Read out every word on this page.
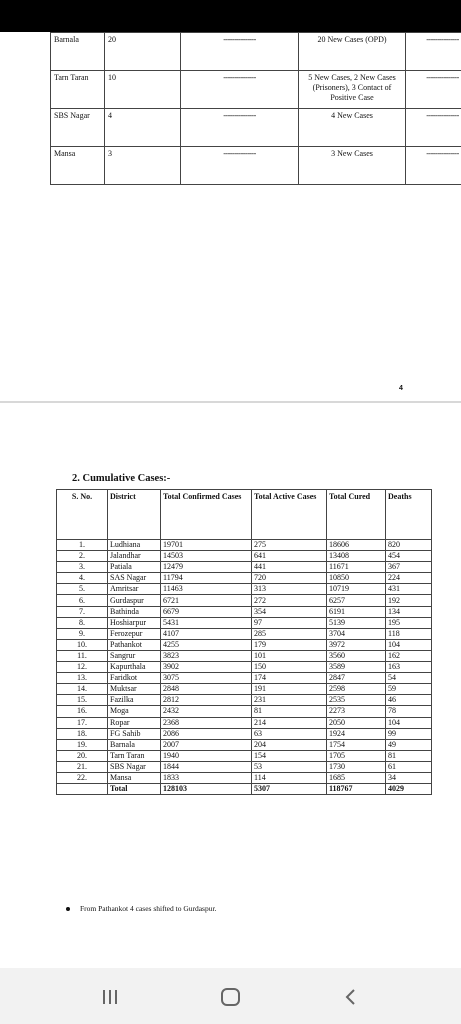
Barnala	20	---------------	20 New Cases (OPD)	---------------
Tarn Taran	10	---------------	5 New Cases, 2 New Cases (Prisoners), 3 Contact of Positive Case	---------------
SBS Nagar	4	---------------	4 New Cases	---------------
Mansa	3	---------------	3 New Cases	---------------
4
2. Cumulative Cases:-
S. No.	District	Total Confirmed Cases	Total Active Cases	Total Cured	Deaths
1.	Ludhiana	19701	275	18606	820
2.	Jalandhar	14503	641	13408	454
3.	Patiala	12479	441	11671	367
4.	SAS Nagar	11794	720	10850	224
5.	Amritsar	11463	313	10719	431
6.	Gurdaspur	6721	272	6257	192
7.	Bathinda	6679	354	6191	134
8.	Hoshiarpur	5431	97	5139	195
9.	Ferozepur	4107	285	3704	118
10.	Pathankot	4255	179	3972	104
11.	Sangrur	3823	101	3560	162
12.	Kapurthala	3902	150	3589	163
13.	Faridkot	3075	174	2847	54
14.	Muktsar	2848	191	2598	59
15.	Fazilka	2812	231	2535	46
16.	Moga	2432	81	2273	78
17.	Ropar	2368	214	2050	104
18.	FG Sahib	2086	63	1924	99
19.	Barnala	2007	204	1754	49
20.	Tarn Taran	1940	154	1705	81
21.	SBS Nagar	1844	53	1730	61
22.	Mansa	1833	114	1685	34
	Total	128103	5307	118767	4029
From Pathankot 4 cases shifted to Gurdaspur.
